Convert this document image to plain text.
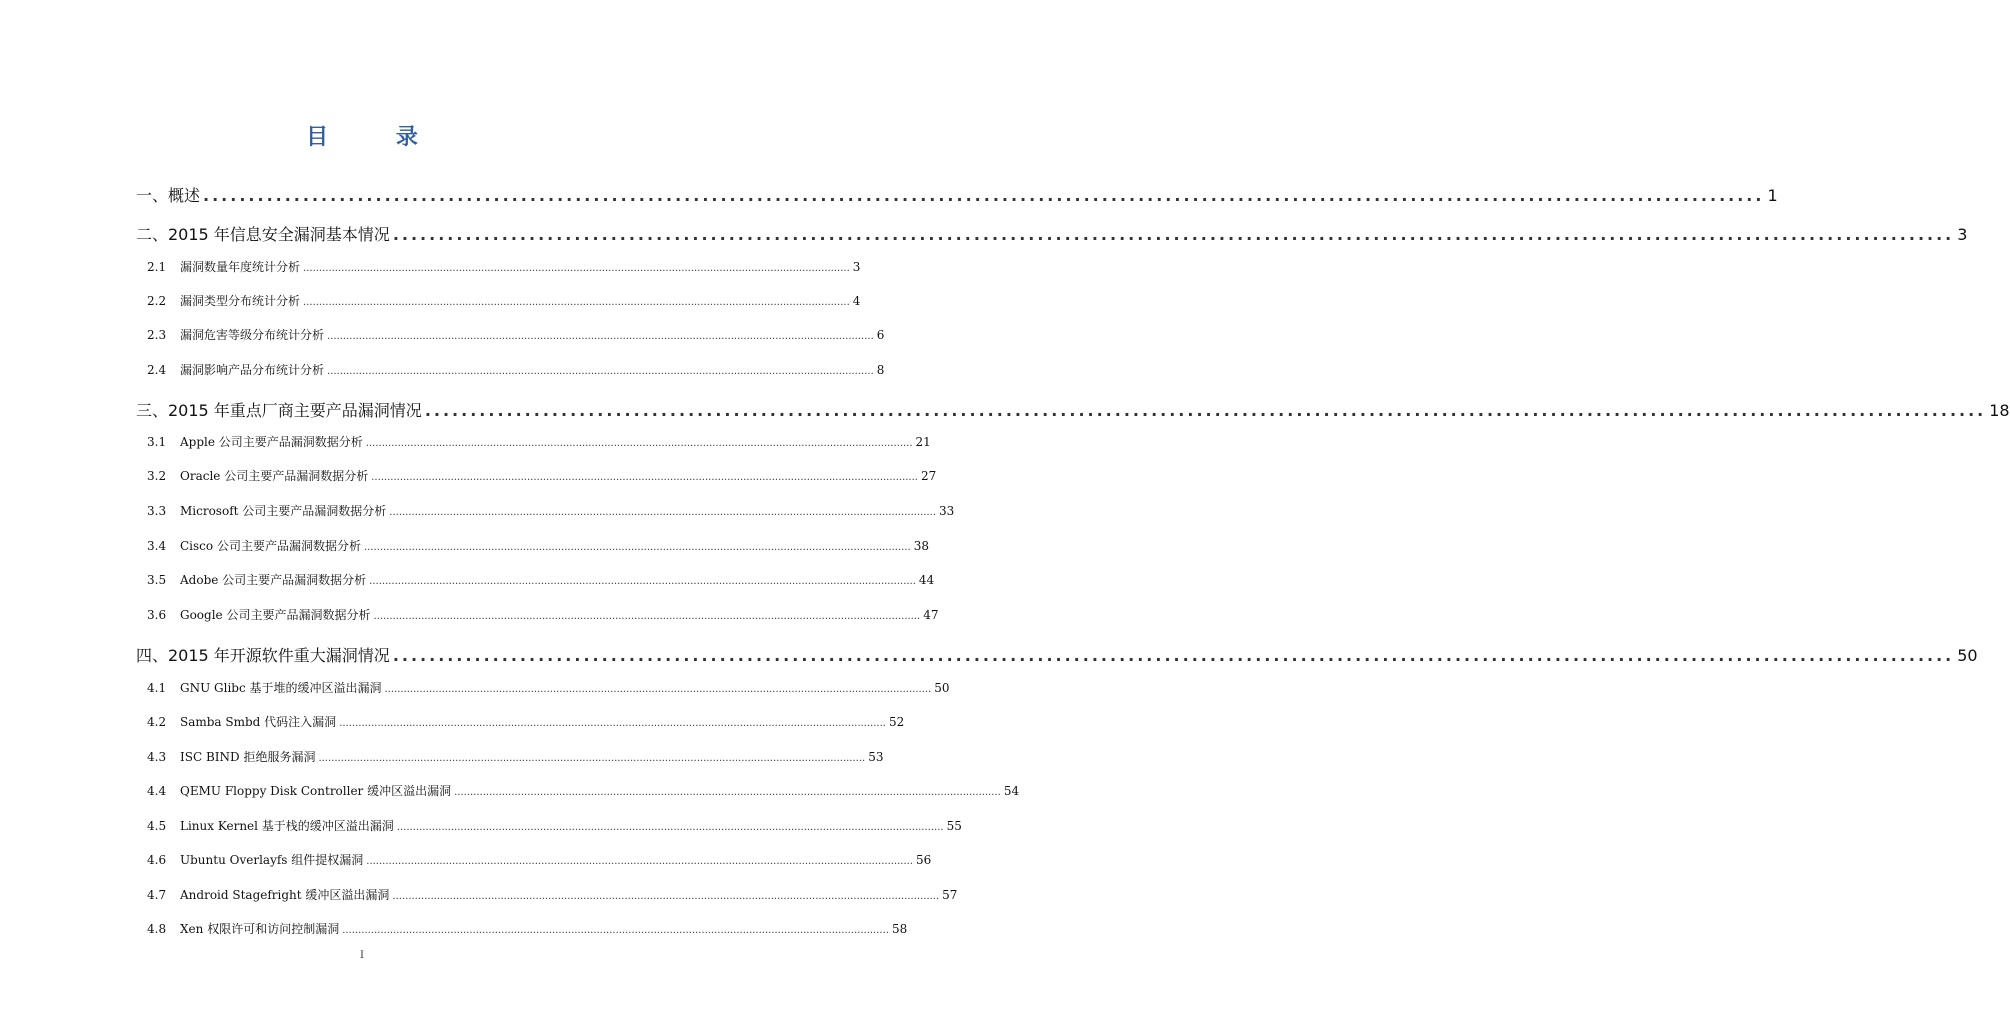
目 录
一、概述 ............................................................................................................................................................................ 1
二、2015 年信息安全漏洞基本情况 ............................................................................................................................................................................ 3
2.1	漏洞数量年度统计分析 ............................................................................................................................................................................ 3
2.2	漏洞类型分布统计分析 ............................................................................................................................................................................ 4
2.3	漏洞危害等级分布统计分析 ............................................................................................................................................................................ 6
2.4	漏洞影响产品分布统计分析 ............................................................................................................................................................................ 8
三、2015 年重点厂商主要产品漏洞情况 ............................................................................................................................................................................ 18
3.1	Apple 公司主要产品漏洞数据分析 ............................................................................................................................................................................ 21
3.2	Oracle 公司主要产品漏洞数据分析 ............................................................................................................................................................................ 27
3.3	Microsoft 公司主要产品漏洞数据分析 ............................................................................................................................................................................ 33
3.4	Cisco 公司主要产品漏洞数据分析 ............................................................................................................................................................................ 38
3.5	Adobe 公司主要产品漏洞数据分析 ............................................................................................................................................................................ 44
3.6	Google 公司主要产品漏洞数据分析 ............................................................................................................................................................................ 47
四、2015 年开源软件重大漏洞情况 ............................................................................................................................................................................ 50
4.1	GNU Glibc 基于堆的缓冲区溢出漏洞 ............................................................................................................................................................................ 50
4.2	Samba Smbd 代码注入漏洞 ............................................................................................................................................................................ 52
4.3	ISC BIND 拒绝服务漏洞 ............................................................................................................................................................................ 53
4.4	QEMU Floppy Disk Controller 缓冲区溢出漏洞 ............................................................................................................................................................................ 54
4.5	Linux Kernel 基于栈的缓冲区溢出漏洞 ............................................................................................................................................................................ 55
4.6	Ubuntu Overlayfs 组件提权漏洞 ............................................................................................................................................................................ 56
4.7	Android Stagefright 缓冲区溢出漏洞 ............................................................................................................................................................................ 57
4.8	Xen 权限许可和访问控制漏洞 ............................................................................................................................................................................ 58
I
